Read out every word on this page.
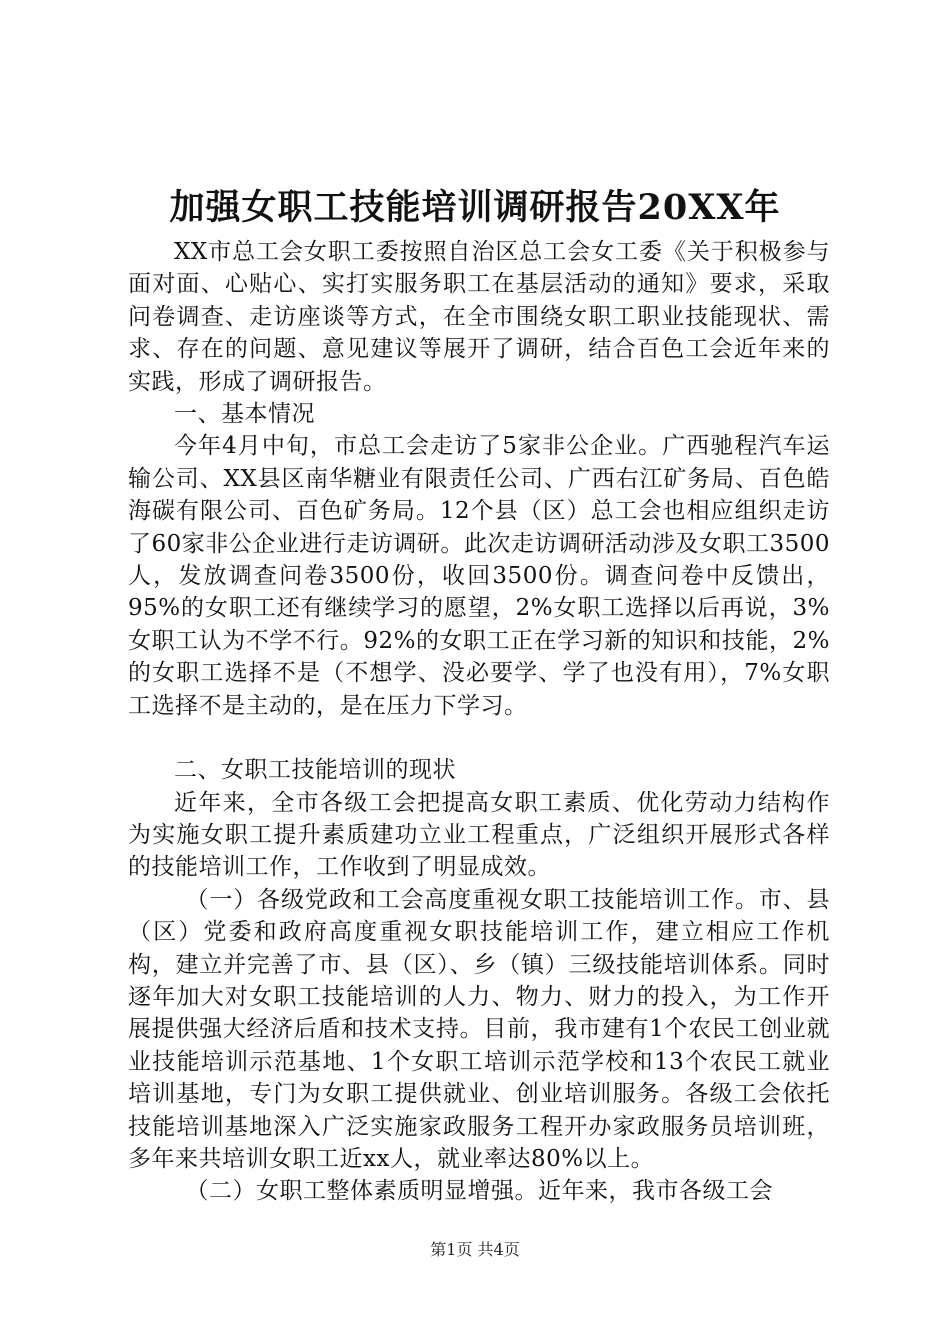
加强女职工技能培训调研报告20XX年

XX市总工会女职工委按照自治区总工会女工委《关于积极参与面对面、心贴心、实打实服务职工在基层活动的通知》要求，采取问卷调查、走访座谈等方式，在全市围绕女职工职业技能现状、需求、存在的问题、意见建议等展开了调研，结合百色工会近年来的实践，形成了调研报告。

一、基本情况

今年4月中旬，市总工会走访了5家非公企业。广西驰程汽车运输公司、XX县区南华糖业有限责任公司、广西右江矿务局、百色皓海碳有限公司、百色矿务局。12个县（区）总工会也相应组织走访了60家非公企业进行走访调研。此次走访调研活动涉及女职工3500人，发放调查问卷3500份，收回3500份。调查问卷中反馈出，95%的女职工还有继续学习的愿望，2%女职工选择以后再说，3%女职工认为不学不行。92%的女职工正在学习新的知识和技能，2%的女职工选择不是（不想学、没必要学、学了也没有用），7%女职工选择不是主动的，是在压力下学习。

二、女职工技能培训的现状

近年来，全市各级工会把提高女职工素质、优化劳动力结构作为实施女职工提升素质建功立业工程重点，广泛组织开展形式各样的技能培训工作，工作收到了明显成效。

（一）各级党政和工会高度重视女职工技能培训工作。市、县（区）党委和政府高度重视女职技能培训工作，建立相应工作机构，建立并完善了市、县（区）、乡（镇）三级技能培训体系。同时逐年加大对女职工技能培训的人力、物力、财力的投入，为工作开展提供强大经济后盾和技术支持。目前，我市建有1个农民工创业就业技能培训示范基地、1个女职工培训示范学校和13个农民工就业培训基地，专门为女职工提供就业、创业培训服务。各级工会依托技能培训基地深入广泛实施家政服务工程开办家政服务员培训班，多年来共培训女职工近xx人，就业率达80%以上。

（二）女职工整体素质明显增强。近年来，我市各级工会

第1页 共4页
